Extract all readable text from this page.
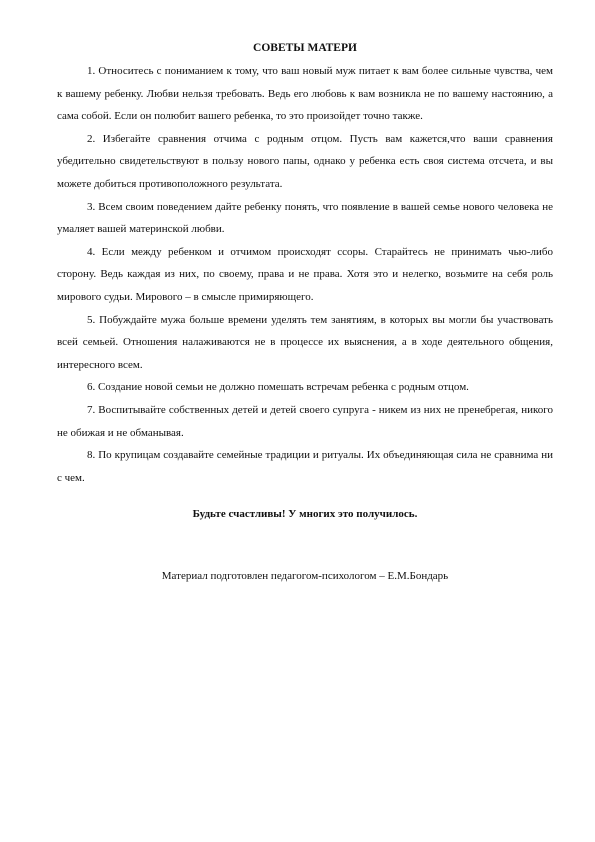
СОВЕТЫ МАТЕРИ

1. Относитесь с пониманием к тому, что ваш новый муж питает к вам более сильные чувства, чем к вашему ребенку. Любви нельзя требовать. Ведь его любовь к вам возникла не по вашему настоянию, а сама собой. Если он полюбит вашего ребенка, то это произойдет точно также.

2. Избегайте сравнения отчима с родным отцом. Пусть вам кажется,что ваши сравнения убедительно свидетельствуют в пользу нового папы, однако у ребенка есть своя система отсчета, и вы можете добиться противоположного результата.

3. Всем своим поведением дайте ребенку понять, что появление в вашей семье нового человека не умаляет вашей материнской любви.

4. Если между ребенком и отчимом происходят ссоры. Старайтесь не принимать чью-либо сторону. Ведь каждая из них, по своему, права и не права. Хотя это и нелегко, возьмите на себя роль мирового судьи. Мирового – в смысле примиряющего.

5. Побуждайте мужа больше времени уделять тем занятиям, в которых вы могли бы участвовать всей семьей. Отношения налаживаются не в процессе их выяснения, а в ходе деятельного общения, интересного всем.

6. Создание новой семьи не должно помешать встречам ребенка с родным отцом.

7. Воспитывайте собственных детей и детей своего супруга - никем из них не пренебрегая, никого не обижая и не обманывая.

8. По крупицам создавайте семейные традиции и ритуалы. Их объединяющая сила не сравнима ни с чем.

Будьте счастливы! У многих это получилось.
Материал подготовлен педагогом-психологом – Е.М.Бондарь
